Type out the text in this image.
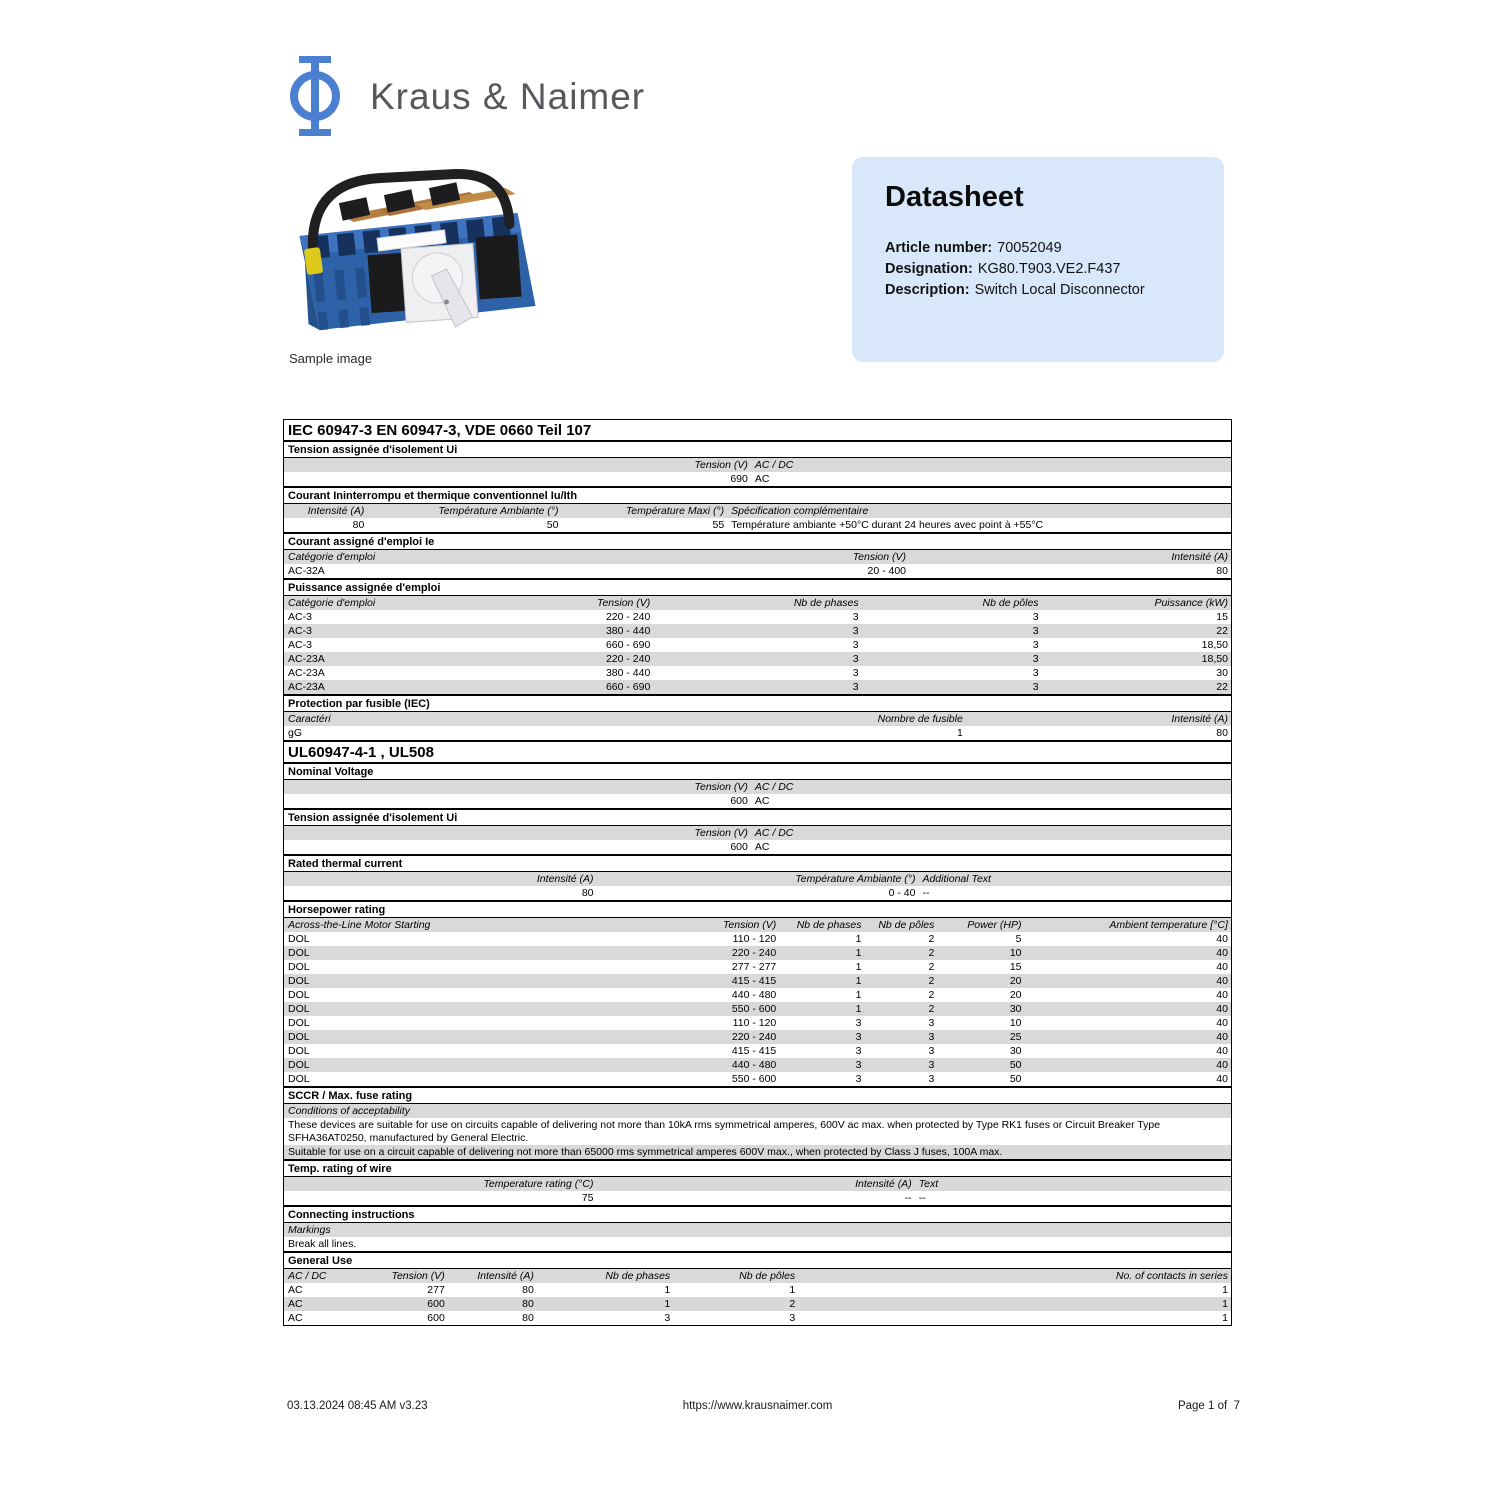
Kraus & Naimer
Sample image
Datasheet
Article number: 70052049
Designation: KG80.T903.VE2.F437
Description: Switch Local Disconnector
IEC 60947-3 EN 60947-3, VDE 0660 Teil 107
Tension assignée d'isolement Ui
Tension (V) AC / DC
690 AC
Courant Ininterrompu et thermique conventionnel Iu/Ith
Intensité (A)	Température Ambiante (°)	Température Maxi (°) Spécification complémentaire
80	50	55 Température ambiante +50°C durant 24 heures avec point à +55°C
Courant assigné d'emploi Ie
Catégorie d'emploi	Tension (V)	Intensité (A)
AC-32A	20 - 400	80
Puissance assignée d'emploi
Catégorie d'emploi	Tension (V)	Nb de phases	Nb de pôles	Puissance (kW)
AC-3	220 - 240	3	3	15
AC-3	380 - 440	3	3	22
AC-3	660 - 690	3	3	18,50
AC-23A	220 - 240	3	3	18,50
AC-23A	380 - 440	3	3	30
AC-23A	660 - 690	3	3	22
Protection par fusible (IEC)
Caractéri	Nombre de fusible	Intensité (A)
gG	1	80
UL60947-4-1 , UL508
Nominal Voltage
Tension (V) AC / DC
600 AC
Tension assignée d'isolement Ui
Tension (V) AC / DC
600 AC
Rated thermal current
Intensité (A)	Température Ambiante (°) Additional Text
80	0 - 40 --
Horsepower rating
Across-the-Line Motor Starting	Tension (V)	Nb de phases	Nb de pôles	Power (HP)	Ambient temperature [°C]
DOL	110 - 120	1	2	5	40
DOL	220 - 240	1	2	10	40
DOL	277 - 277	1	2	15	40
DOL	415 - 415	1	2	20	40
DOL	440 - 480	1	2	20	40
DOL	550 - 600	1	2	30	40
DOL	110 - 120	3	3	10	40
DOL	220 - 240	3	3	25	40
DOL	415 - 415	3	3	30	40
DOL	440 - 480	3	3	50	40
DOL	550 - 600	3	3	50	40
SCCR / Max. fuse rating
Conditions of acceptability
These devices are suitable for use on circuits capable of delivering not more than 10kA rms symmetrical amperes, 600V ac max. when protected by Type RK1 fuses or Circuit Breaker Type SFHA36AT0250, manufactured by General Electric.
Suitable for use on a circuit capable of delivering not more than 65000 rms symmetrical amperes 600V max., when protected by Class J fuses, 100A max.
Temp. rating of wire
Temperature rating (°C)	Intensité (A) Text
75	-- --
Connecting instructions
Markings
Break all lines.
General Use
AC / DC	Tension (V)	Intensité (A)	Nb de phases	Nb de pôles	No. of contacts in series
AC	277	80	1	1	1
AC	600	80	1	2	1
AC	600	80	3	3	1
03.13.2024 08:45 AM v3.23	https://www.krausnaimer.com	Page 1 of  7
